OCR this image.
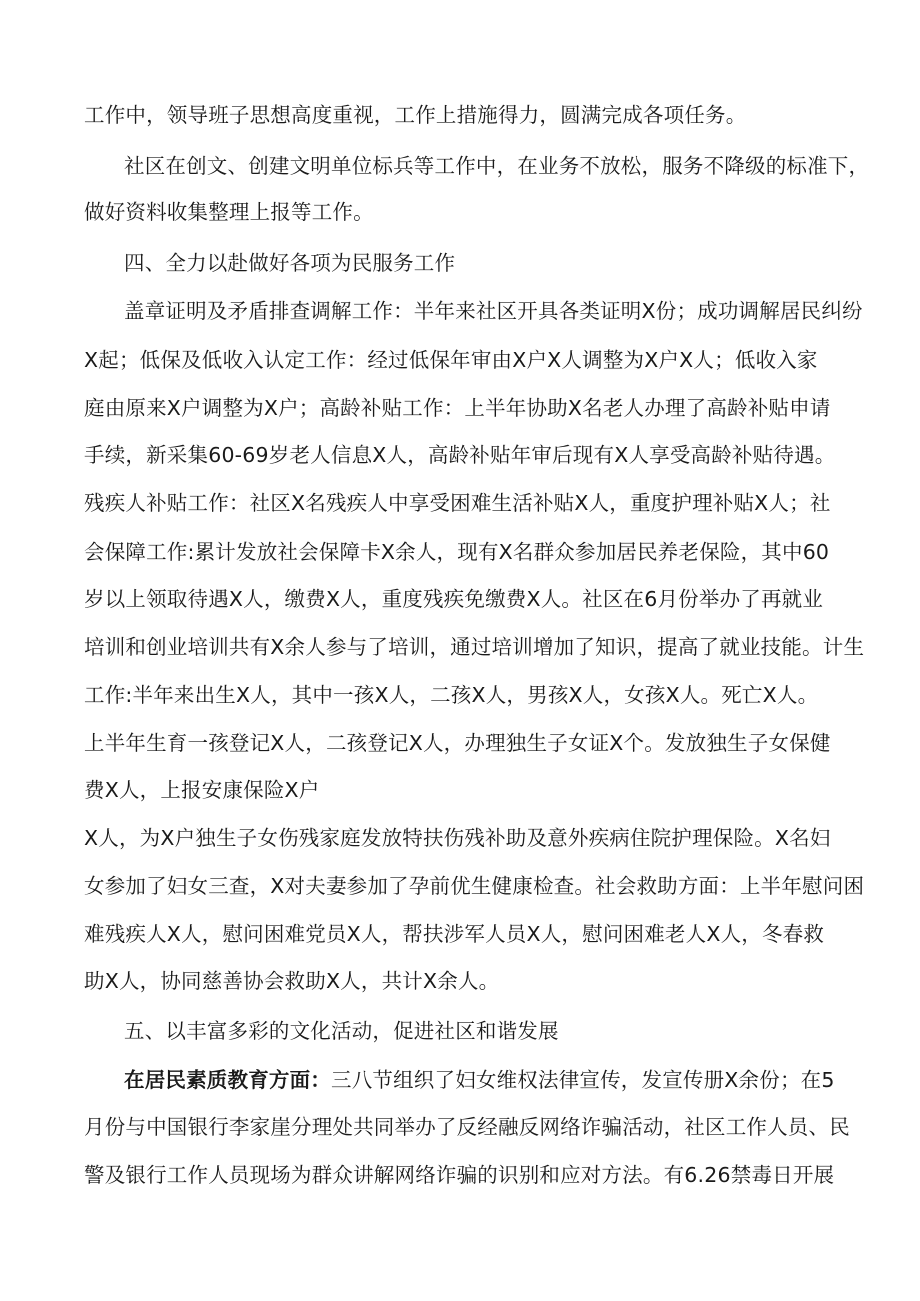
工作中，领导班子思想高度重视，工作上措施得力，圆满完成各项任务。
社区在创文、创建文明单位标兵等工作中，在业务不放松，服务不降级的标准下，
做好资料收集整理上报等工作。
四、全力以赴做好各项为民服务工作
盖章证明及矛盾排查调解工作：半年来社区开具各类证明X份；成功调解居民纠纷
X起；低保及低收入认定工作：经过低保年审由X户X人调整为X户X人；低收入家
庭由原来X户调整为X户；高龄补贴工作：上半年协助X名老人办理了高龄补贴申请
手续，新采集60-69岁老人信息X人，高龄补贴年审后现有X人享受高龄补贴待遇。
残疾人补贴工作：社区X名残疾人中享受困难生活补贴X人，重度护理补贴X人；社
会保障工作:累计发放社会保障卡X余人，现有X名群众参加居民养老保险，其中60
岁以上领取待遇X人，缴费X人，重度残疾免缴费X人。社区在6月份举办了再就业
培训和创业培训共有X余人参与了培训，通过培训增加了知识，提高了就业技能。计生
工作:半年来出生X人，其中一孩X人，二孩X人，男孩X人，女孩X人。死亡X人。
上半年生育一孩登记X人，二孩登记X人，办理独生子女证X个。发放独生子女保健
费X人，上报安康保险X户
X人，为X户独生子女伤残家庭发放特扶伤残补助及意外疾病住院护理保险。X名妇
女参加了妇女三查，X对夫妻参加了孕前优生健康检查。社会救助方面：上半年慰问困
难残疾人X人，慰问困难党员X人，帮扶涉军人员X人，慰问困难老人X人，冬春救
助X人，协同慈善协会救助X人，共计X余人。
五、以丰富多彩的文化活动，促进社区和谐发展
在居民素质教育方面：三八节组织了妇女维权法律宣传，发宣传册X余份；在5
月份与中国银行李家崖分理处共同举办了反经融反网络诈骗活动，社区工作人员、民
警及银行工作人员现场为群众讲解网络诈骗的识别和应对方法。有6.26禁毒日开展
